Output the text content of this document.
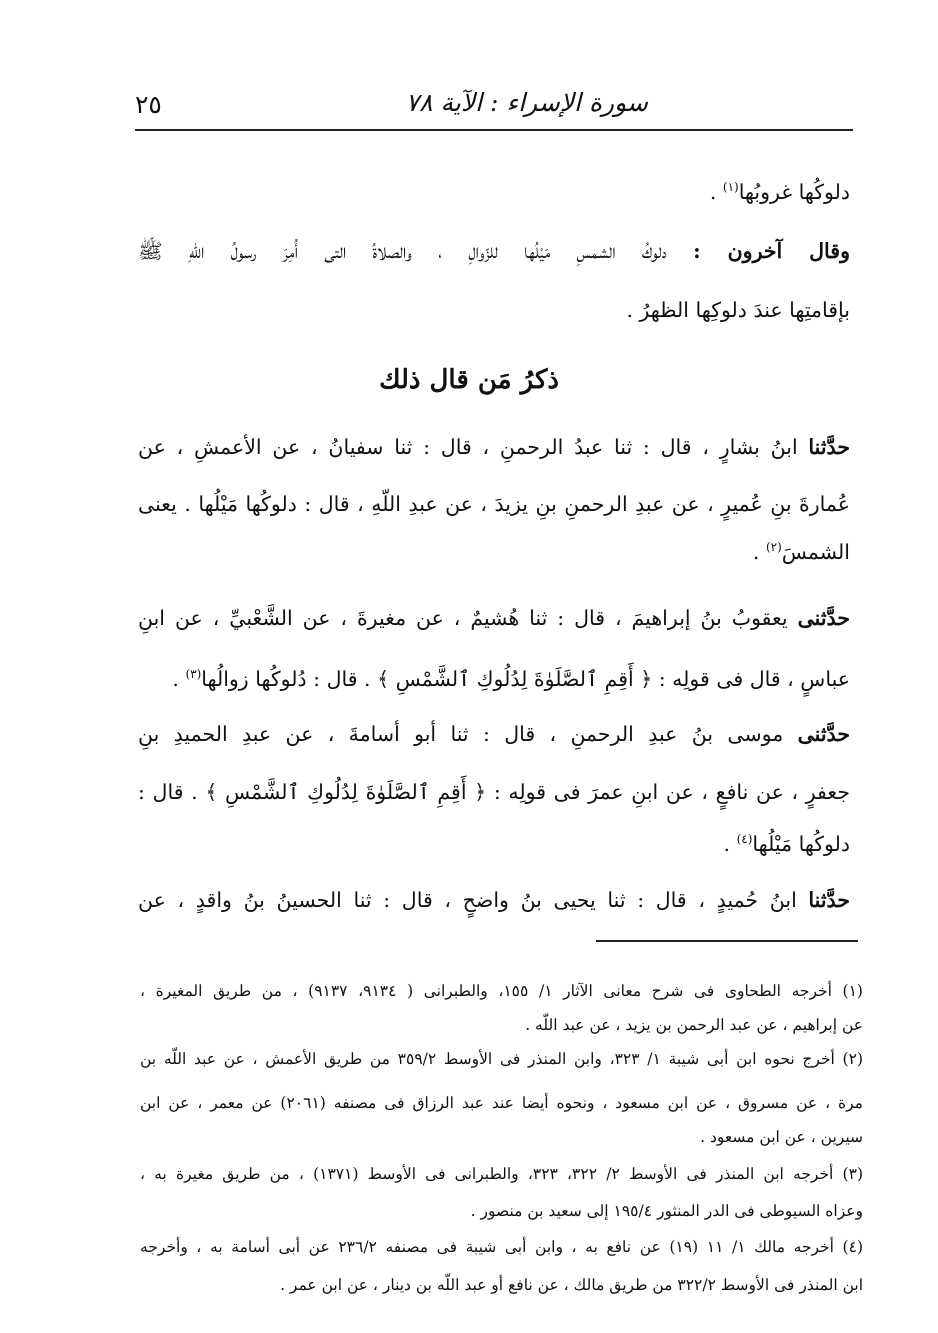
سورة الإسراء : الآية ٧٨
٢٥
دلوكُها غروبُها$^{(١)}$ .
وقال آخرون : دلوكُ الشمسِ مَيْلُها للزّوالِ ، والصلاةُ التى أُمِرَ رسولُ اللّهِ ﷺ
بإقامتِها عندَ دلوكِها الظهرُ .
ذكرُ مَن قال ذلك
حدَّثنا ابنُ بشارٍ ، قال : ثنا عبدُ الرحمنِ ، قال : ثنا سفيانُ ، عن الأعمشِ ، عن
عُمارةَ بنِ عُميرٍ ، عن عبدِ الرحمنِ بنِ يزيدَ ، عن عبدِ اللّهِ ، قال : دلوكُها مَيْلُها . يعنى
الشمسَ$^{(٢)}$ .
حدَّثنى يعقوبُ بنُ إبراهيمَ ، قال : ثنا هُشيمٌ ، عن مغيرةَ ، عن الشَّعْبيِّ ، عن ابنِ
عباسٍ ، قال فى قولِه : ﴿ أَقِمِ ٱلصَّلَوٰةَ لِدُلُوكِ ٱلشَّمْسِ ﴾ . قال : دُلوكُها زوالُها$^{(٣)}$ .
حدَّثنى موسى بنُ عبدِ الرحمنِ ، قال : ثنا أبو أسامةَ ، عن عبدِ الحميدِ بنِ
جعفرٍ ، عن نافعٍ ، عن ابنِ عمرَ فى قولِه : ﴿ أَقِمِ ٱلصَّلَوٰةَ لِدُلُوكِ ٱلشَّمْسِ ﴾ . قال :
دلوكُها مَيْلُها$^{(٤)}$ .
حدَّثنا ابنُ حُميدٍ ، قال : ثنا يحيى بنُ واضحٍ ، قال : ثنا الحسينُ بنُ واقدٍ ، عن
(١) أخرجه الطحاوى فى شرح معانى الآثار ١/ ١٥٥، والطبرانى ( ٩١٣٤، ٩١٣٧) ، من طريق المغيرة ،
عن إبراهيم ، عن عبد الرحمن بن يزيد ، عن عبد اللّه .
(٢) أخرج نحوه ابن أبى شيبة ١/ ٣٢٣، وابن المنذر فى الأوسط ٣٥٩/٢ من طريق الأعمش ، عن عبد اللّه بن
مرة ، عن مسروق ، عن ابن مسعود ، ونحوه أيضا عند عبد الرزاق فى مصنفه (٢٠٦١) عن معمر ، عن ابن
سيرين ، عن ابن مسعود .
(٣) أخرجه ابن المنذر فى الأوسط ٢/ ٣٢٢، ٣٢٣، والطبرانى فى الأوسط (١٣٧١) ، من طريق مغيرة به ،
وعزاه السيوطى فى الدر المنثور ١٩٥/٤ إلى سعيد بن منصور .
(٤) أخرجه مالك ١/ ١١ (١٩) عن نافع به ، وابن أبى شيبة فى مصنفه ٢٣٦/٢ عن أبى أسامة به ، وأخرجه
ابن المنذر فى الأوسط ٣٢٢/٢ من طريق مالك ، عن نافع أو عبد اللّه بن دينار ، عن ابن عمر .
